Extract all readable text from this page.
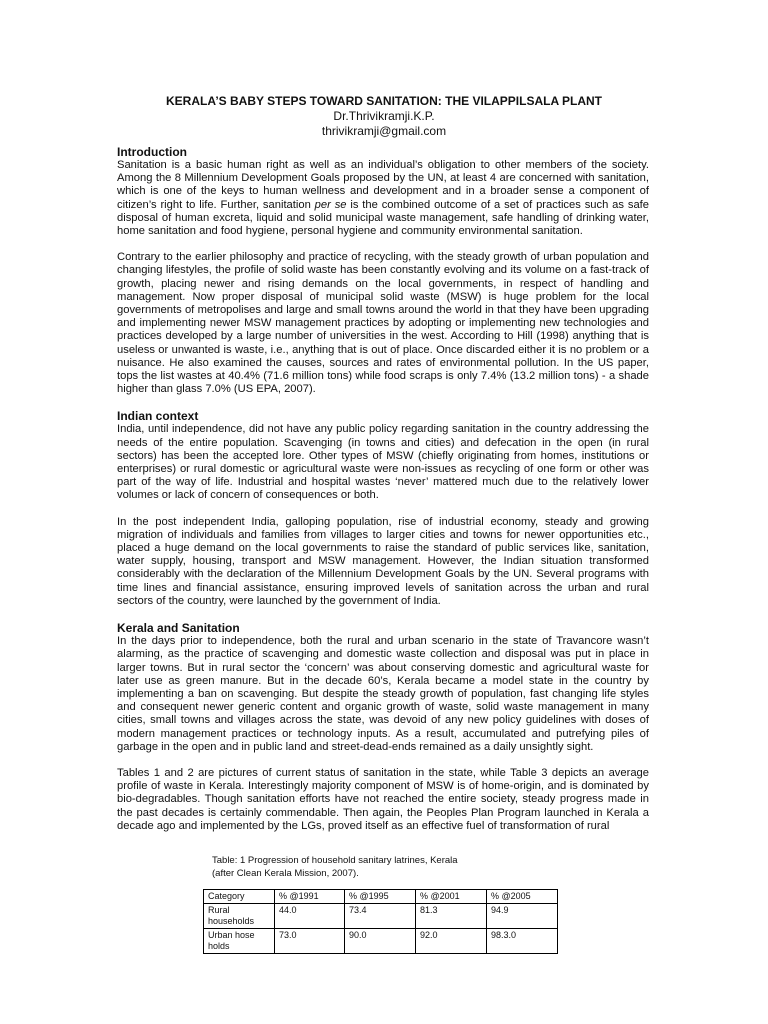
KERALA’S BABY STEPS TOWARD SANITATION: THE VILAPPILSALA PLANT
Dr.Thrivikramji.K.P.
thrivikramji@gmail.com
Introduction

Sanitation is a basic human right as well as an individual’s obligation to other members of the society. Among the 8 Millennium Development Goals proposed by the UN, at least 4 are concerned with sanitation, which is one of the keys to human wellness and development and in a broader sense a component of citizen’s right to life. Further, sanitation per se is the combined outcome of a set of practices such as safe disposal of human excreta, liquid and solid municipal waste management, safe handling of drinking water, home sanitation and food hygiene, personal hygiene and community environmental sanitation.

Contrary to the earlier philosophy and practice of recycling, with the steady growth of urban population and changing lifestyles, the profile of solid waste has been constantly evolving and its volume on a fast-track of growth, placing newer and rising demands on the local governments, in respect of handling and management. Now proper disposal of municipal solid waste (MSW) is huge problem for the local governments of metropolises and large and small towns around the world in that they have been upgrading and implementing newer MSW management practices by adopting or implementing new technologies and practices developed by a large number of universities in the west. According to Hill (1998) anything that is useless or unwanted is waste, i.e., anything that is out of place. Once discarded either it is no problem or a nuisance. He also examined the causes, sources and rates of environmental pollution. In the US paper, tops the list wastes at 40.4% (71.6 million tons) while food scraps is only 7.4% (13.2 million tons) - a shade higher than glass 7.0% (US EPA, 2007).

Indian context

India, until independence, did not have any public policy regarding sanitation in the country addressing the needs of the entire population. Scavenging (in towns and cities) and defecation in the open (in rural sectors) has been the accepted lore. Other types of MSW (chiefly originating from homes, institutions or enterprises) or rural domestic or agricultural waste were non-issues as recycling of one form or other was part of the way of life. Industrial and hospital wastes ‘never’ mattered much due to the relatively lower volumes or lack of concern of consequences or both.

In the post independent India, galloping population, rise of industrial economy, steady and growing migration of individuals and families from villages to larger cities and towns for newer opportunities etc., placed a huge demand on the local governments to raise the standard of public services like, sanitation, water supply, housing, transport and MSW management. However, the Indian situation transformed considerably with the declaration of the Millennium Development Goals by the UN. Several programs with time lines and financial assistance, ensuring improved levels of sanitation across the urban and rural sectors of the country, were launched by the government of India.

Kerala and Sanitation

In the days prior to independence, both the rural and urban scenario in the state of Travancore wasn’t alarming, as the practice of scavenging and domestic waste collection and disposal was put in place in larger towns. But in rural sector the ‘concern’ was about conserving domestic and agricultural waste for later use as green manure. But in the decade 60’s, Kerala became a model state in the country by implementing a ban on scavenging. But despite the steady growth of population, fast changing life styles and consequent newer generic content and organic growth of waste, solid waste management in many cities, small towns and villages across the state, was devoid of any new policy guidelines with doses of modern management practices or technology inputs. As a result, accumulated and putrefying piles of garbage in the open and in public land and street-dead-ends remained as a daily unsightly sight.

Tables 1 and 2 are pictures of current status of sanitation in the state, while Table 3 depicts an average profile of waste in Kerala. Interestingly majority component of MSW is of home-origin, and is dominated by bio-degradables. Though sanitation efforts have not reached the entire society, steady progress made in the past decades is certainly commendable. Then again, the Peoples Plan Program launched in Kerala a decade ago and implemented by the LGs, proved itself as an effective fuel of transformation of rural

Table: 1 Progression of household sanitary latrines, Kerala
(after Clean Kerala Mission, 2007).
Category	% @1991	% @1995	% @2001	% @2005
Rural households	44.0	73.4	81.3	94.9
Urban hose holds	73.0	90.0	92.0	98.3.0
